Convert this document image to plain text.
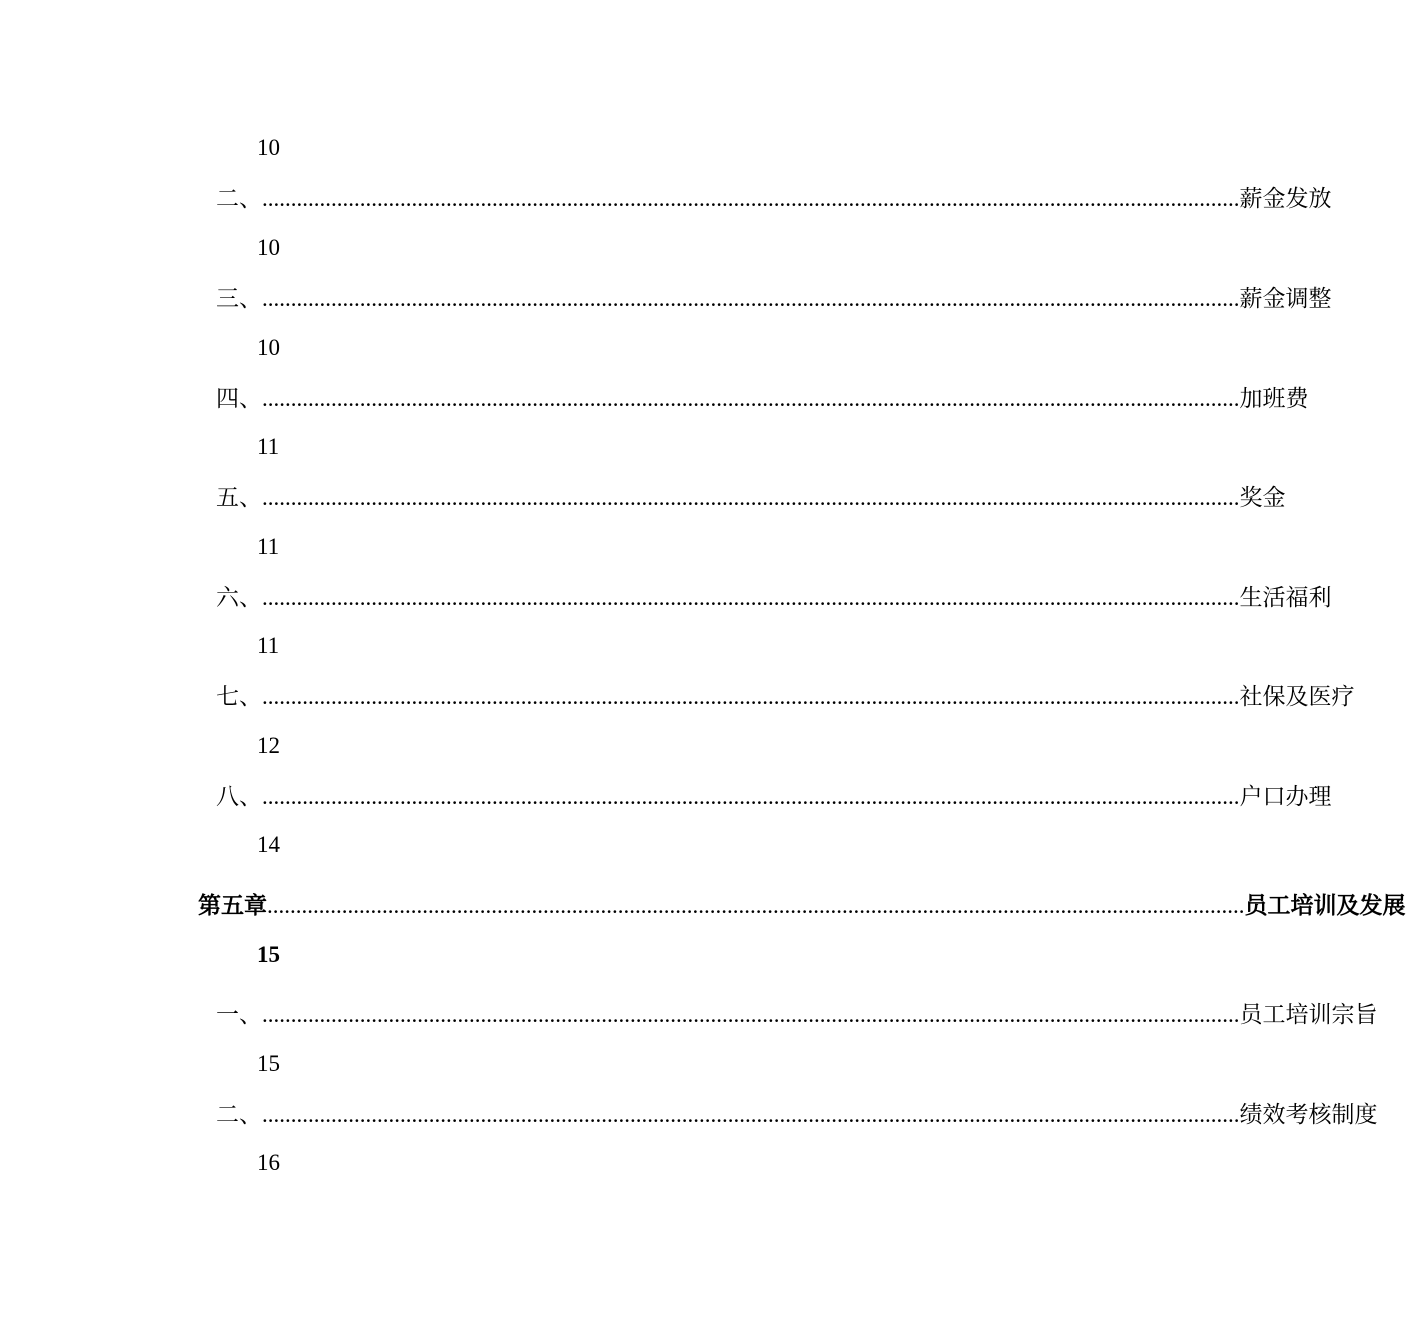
10
二、 .......................................................................................................................................................................... 薪金发放
10
三、 .......................................................................................................................................................................... 薪金调整
10
四、 .......................................................................................................................................................................... 加班费
11
五、 .......................................................................................................................................................................... 奖金
11
六、 .......................................................................................................................................................................... 生活福利
11
七、 .......................................................................................................................................................................... 社保及医疗
12
八、 .......................................................................................................................................................................... 户口办理
14
第五章 .......................................................................................................................................................................... 员工培训及发展
15
一、 .......................................................................................................................................................................... 员工培训宗旨
15
二、 .......................................................................................................................................................................... 绩效考核制度
16
